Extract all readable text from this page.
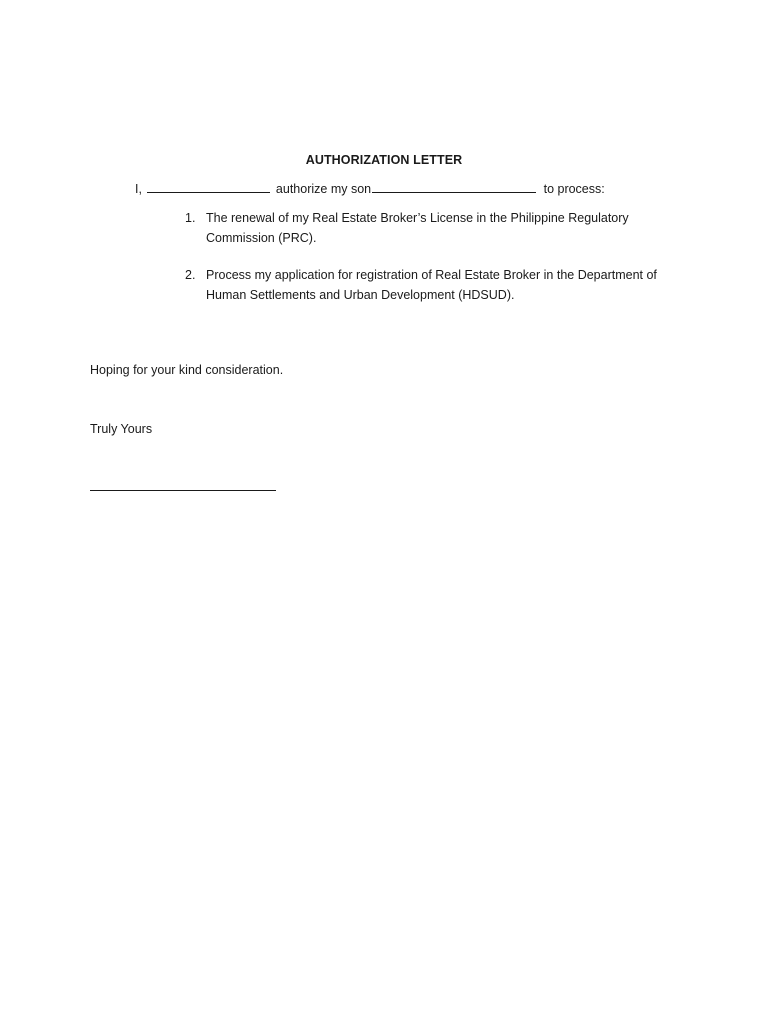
AUTHORIZATION LETTER
I,	authorize my son	to process:
1. The renewal of my Real Estate Broker’s License in the Philippine Regulatory Commission (PRC).
2. Process my application for registration of Real Estate Broker in the Department of Human Settlements and Urban Development (HDSUD).
Hoping for your kind consideration.
Truly Yours
